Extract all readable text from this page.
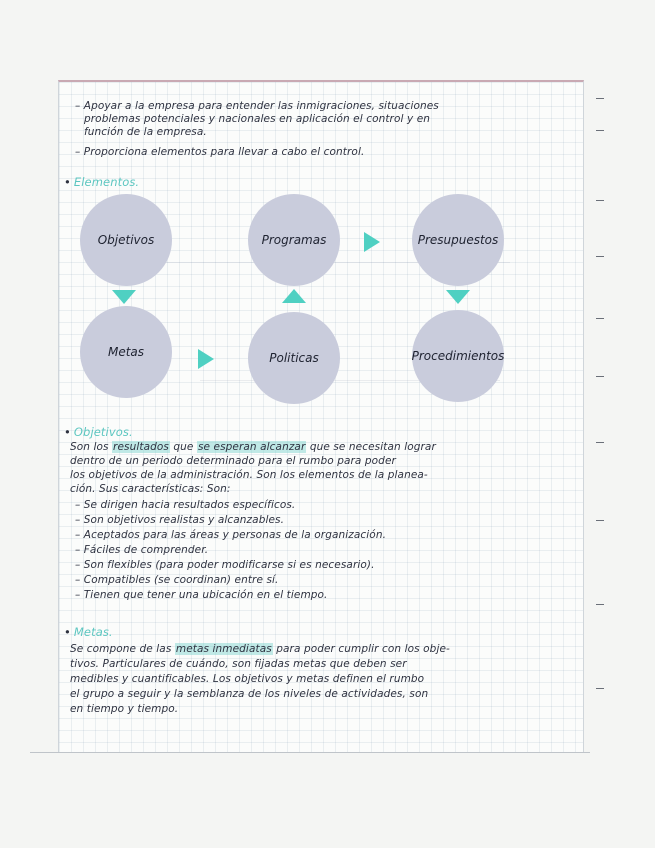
– Apoyar a la empresa para entender las inmigraciones, situaciones
problemas potenciales y nacionales en aplicación el control y en
función de la empresa.
– Proporciona elementos para llevar a cabo el control.
• Elementos.
Objetivos	Programas	Presupuestos
Metas	Politicas	Procedimientos
• Objetivos.
Son los resultados que se esperan alcanzar que se necesitan lograr
dentro de un periodo determinado para el rumbo para poder
los objetivos de la administración. Son los elementos de la planea-
ción. Sus características: Son:
– Se dirigen hacia resultados específicos.
– Son objetivos realistas y alcanzables.
– Aceptados para las áreas y personas de la organización.
– Fáciles de comprender.
– Son flexibles (para poder modificarse si es necesario).
– Compatibles (se coordinan) entre sí.
– Tienen que tener una ubicación en el tiempo.
• Metas.
Se compone de las metas inmediatas para poder cumplir con los obje-
tivos. Particulares de cuándo, son fijadas metas que deben ser
medibles y cuantificables. Los objetivos y metas definen el rumbo
el grupo a seguir y la semblanza de los niveles de actividades, son
en tiempo y tiempo.
